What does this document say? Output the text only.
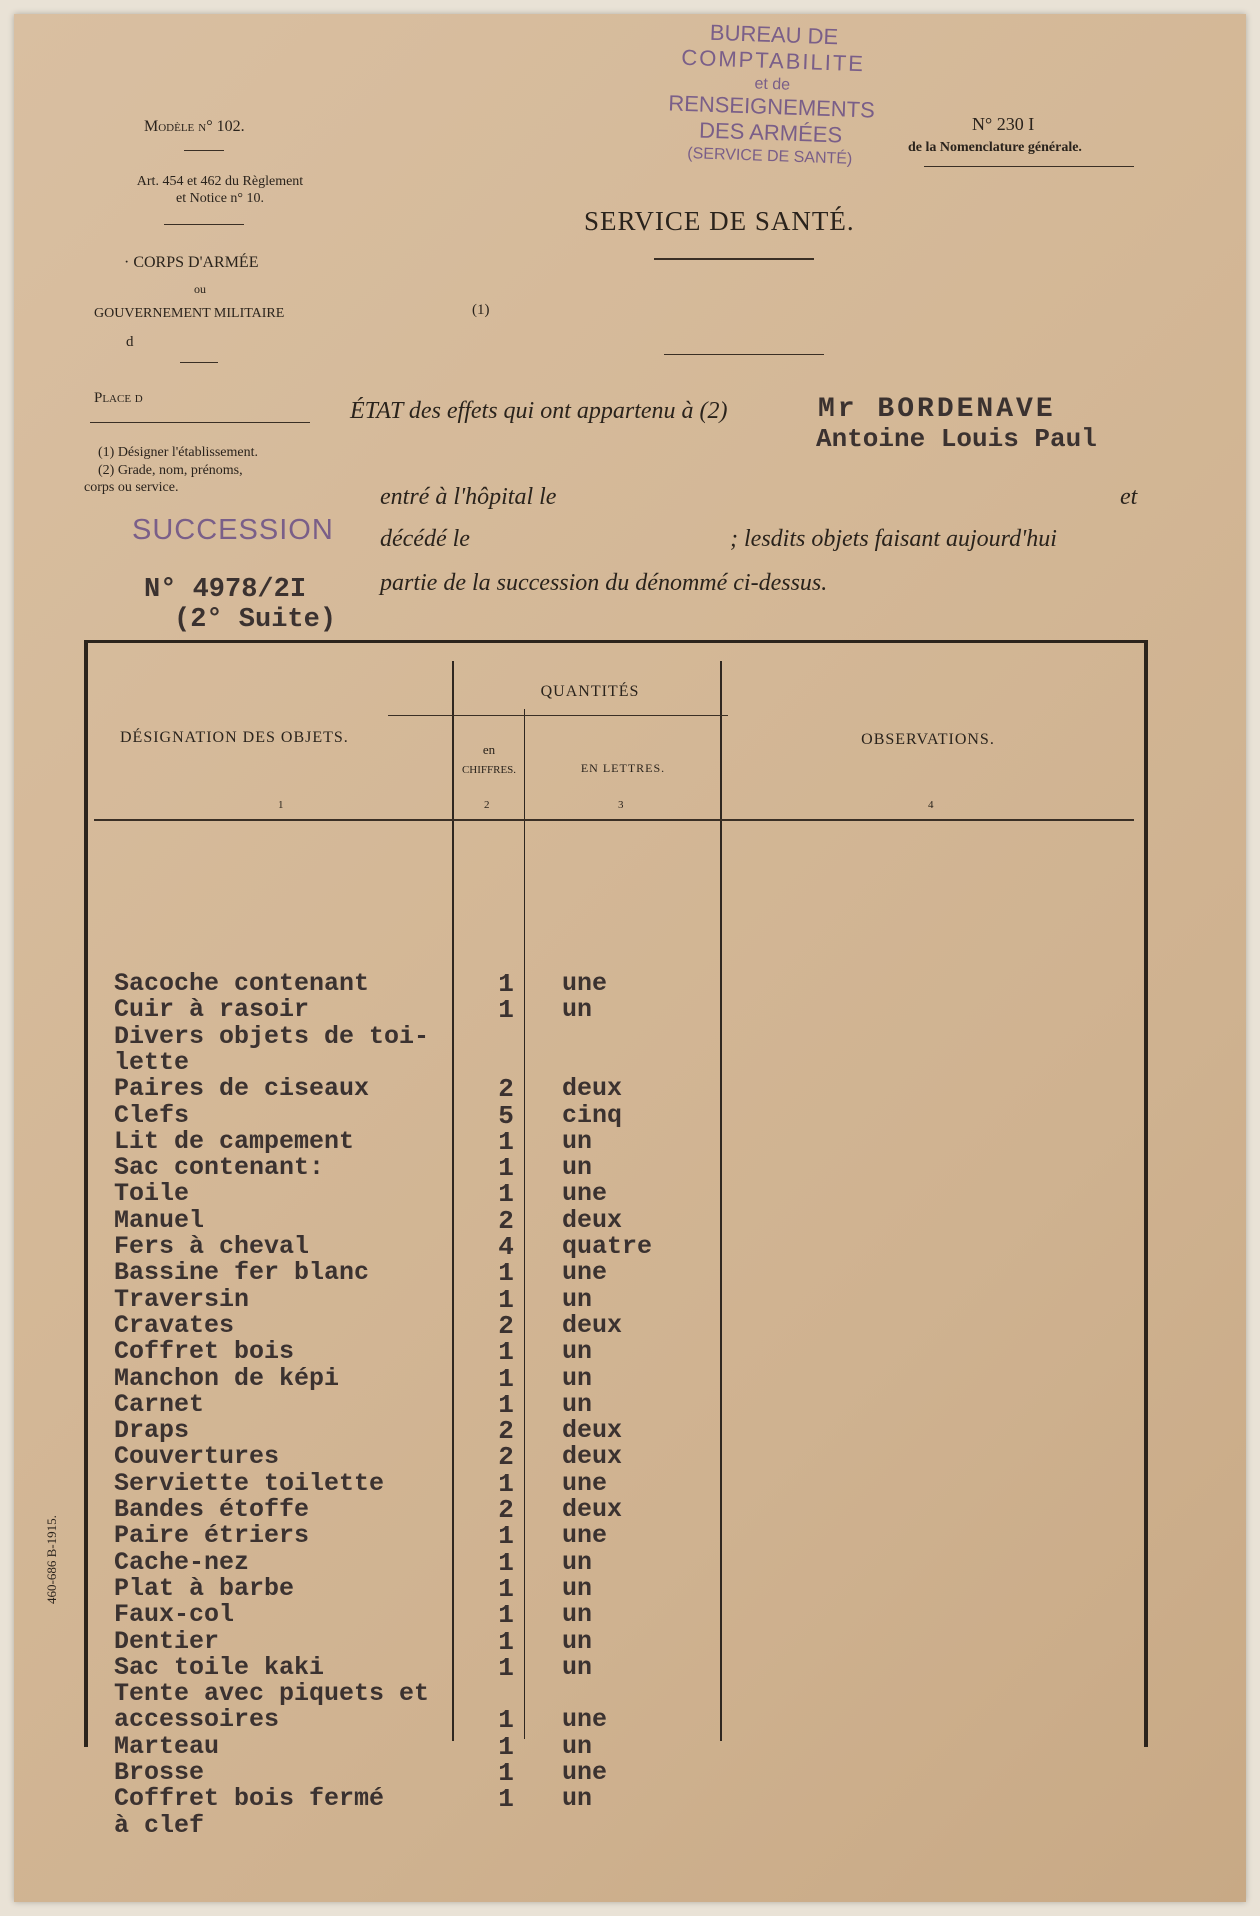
BUREAU DE
COMPTABILITE
et de
RENSEIGNEMENTS
DES ARMÉES
(SERVICE DE SANTÉ)
Modèle n° 102.
Art. 454 et 462 du Règlement
et Notice n° 10.
· CORPS D'ARMÉE
ou
GOUVERNEMENT MILITAIRE
d
Place d
(1) Désigner l'établissement.
(2) Grade, nom, prénoms,
corps ou service.
SUCCESSION
N° 4978/2I
(2° Suite)
N° 230 I
de la Nomenclature générale.
SERVICE DE SANTÉ.
(1)
ÉTAT des effets qui ont appartenu à (2)	Mr BORDENAVE
Antoine Louis Paul
entré à l'hôpital le	et
décédé le	; lesdits objets faisant aujourd'hui
partie de la succession du dénommé ci-dessus.
QUANTITÉS
DÉSIGNATION DES OBJETS.
en
CHIFFRES.	EN LETTRES.
OBSERVATIONS.
1	2	3	4
Sacoche contenant	1	une
Cuir à rasoir	1	un
Divers objets de toi-
lette
Paires de ciseaux	2	deux
Clefs	5	cinq
Lit de campement	1	un
Sac contenant:	1	un
Toile	1	une
Manuel	2	deux
Fers à cheval	4	quatre
Bassine fer blanc	1	une
Traversin	1	un
Cravates	2	deux
Coffret bois	1	un
Manchon de képi	1	un
Carnet	1	un
Draps	2	deux
Couvertures	2	deux
Serviette toilette	1	une
Bandes étoffe	2	deux
Paire étriers	1	une
Cache-nez	1	un
Plat à barbe	1	un
Faux-col	1	un
Dentier	1	un
Sac toile kaki	1	un
Tente avec piquets et
accessoires	1	une
Marteau	1	un
Brosse	1	une
Coffret bois fermé	1	un
à clef
460-686 B-1915.
